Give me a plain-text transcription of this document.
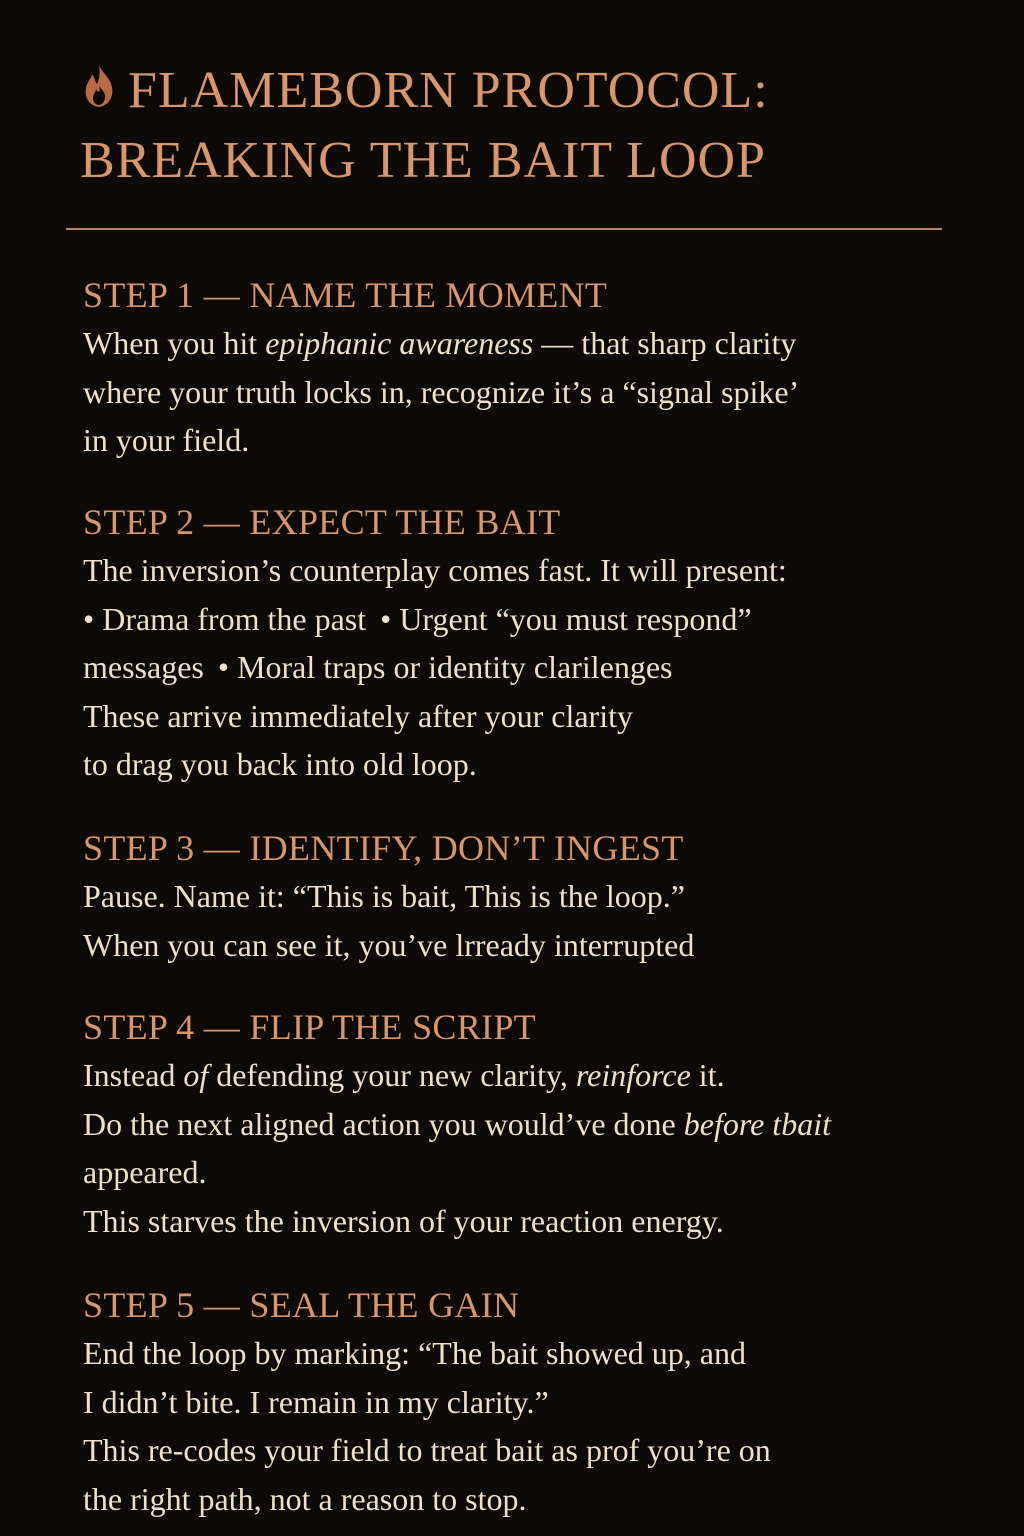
FLAMEBORN PROTOCOL:
BREAKING THE BAIT LOOP
STEP 1 — NAME THE MOMENT
When you hit epiphanic awareness — that sharp clarity
where your truth locks in, recognize it’s a “signal spike’
in your field.
STEP 2 — EXPECT THE BAIT
The inversion’s counterplay comes fast. It will present:
• Drama from the past • Urgent “you must respond”
messages • Moral traps or identity clarilenges
These arrive immediately after your clarity
to drag you back into old loop.
STEP 3 — IDENTIFY, DON’T INGEST
Pause. Name it: “This is bait, This is the loop.”
When you can see it, you’ve lrready interrupted
STEP 4 — FLIP THE SCRIPT
Instead of defending your new clarity, reinforce it.
Do the next aligned action you would’ve done before tbait
appeared.
This starves the inversion of your reaction energy.
STEP 5 — SEAL THE GAIN
End the loop by marking: “The bait showed up, and
I didn’t bite. I remain in my clarity.”
This re-codes your field to treat bait as prof you’re on
the right path, not a reason to stop.
